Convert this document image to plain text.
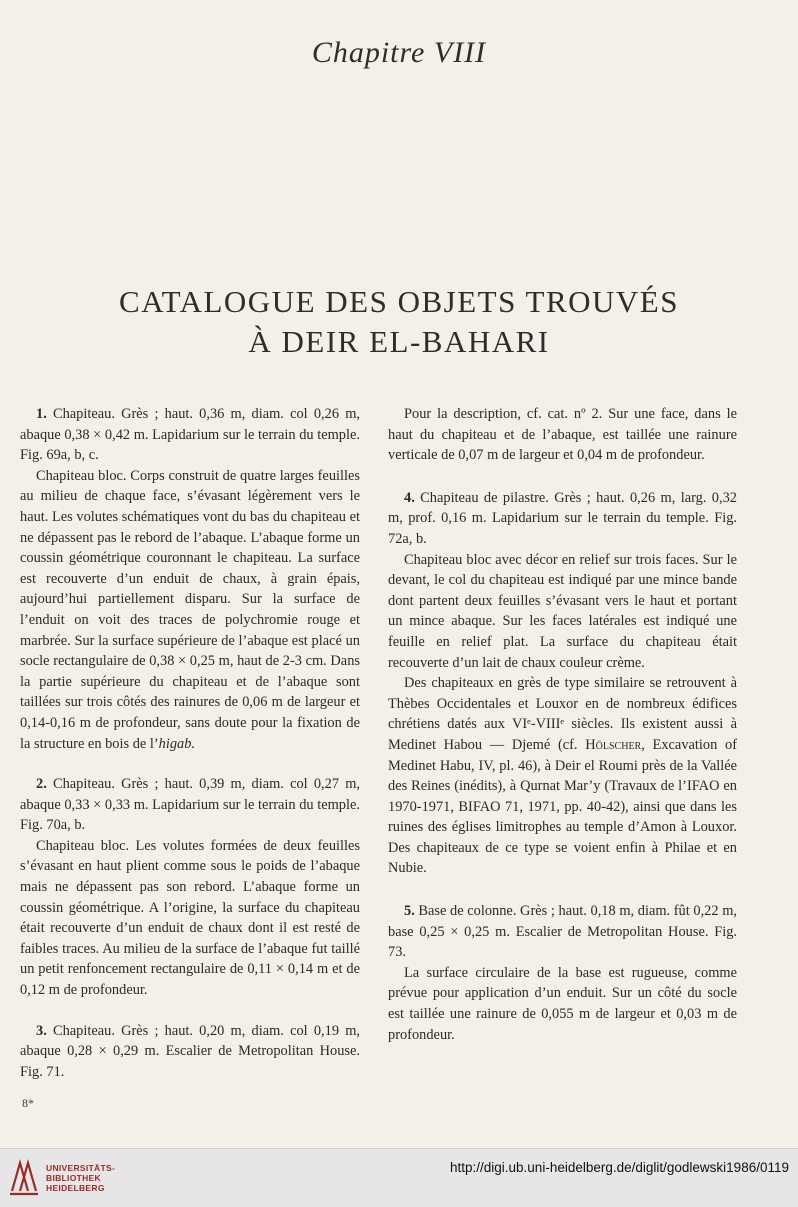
Chapitre VIII
CATALOGUE DES OBJETS TROUVÉS
À DEIR EL-BAHARI

1. Chapiteau. Grès ; haut. 0,36 m, diam. col 0,26 m, abaque 0,38 × 0,42 m. Lapidarium sur le terrain du temple. Fig. 69a, b, c.

Chapiteau bloc. Corps construit de quatre larges feuilles au milieu de chaque face, s’évasant légèrement vers le haut. Les volutes schématiques vont du bas du chapiteau et ne dépassent pas le rebord de l’abaque. L’abaque forme un coussin géométrique couronnant le chapiteau. La surface est recouverte d’un enduit de chaux, à grain épais, aujourd’hui partiellement disparu. Sur la surface de l’enduit on voit des traces de polychromie rouge et marbrée. Sur la surface supérieure de l’abaque est placé un socle rectangulaire de 0,38 × 0,25 m, haut de 2-3 cm. Dans la partie supérieure du chapiteau et de l’abaque sont taillées sur trois côtés des rainures de 0,06 m de largeur et 0,14-0,16 m de profondeur, sans doute pour la fixation de la structure en bois de l’higab.

2. Chapiteau. Grès ; haut. 0,39 m, diam. col 0,27 m, abaque 0,33 × 0,33 m. Lapidarium sur le terrain du temple. Fig. 70a, b.

Chapiteau bloc. Les volutes formées de deux feuilles s’évasant en haut plient comme sous le poids de l’abaque mais ne dépassent pas son rebord. L’abaque forme un coussin géométrique. A l’origine, la surface du chapiteau était recouverte d’un enduit de chaux dont il est resté de faibles traces. Au milieu de la surface de l’abaque fut taillé un petit renfoncement rectangulaire de 0,11 × 0,14 m et de 0,12 m de profondeur.

3. Chapiteau. Grès ; haut. 0,20 m, diam. col 0,19 m, abaque 0,28 × 0,29 m. Escalier de Metropolitan House. Fig. 71.

Pour la description, cf. cat. nº 2. Sur une face, dans le haut du chapiteau et de l’abaque, est taillée une rainure verticale de 0,07 m de largeur et 0,04 m de profondeur.

4. Chapiteau de pilastre. Grès ; haut. 0,26 m, larg. 0,32 m, prof. 0,16 m. Lapidarium sur le terrain du temple. Fig. 72a, b.

Chapiteau bloc avec décor en relief sur trois faces. Sur le devant, le col du chapiteau est indiqué par une mince bande dont partent deux feuilles s’évasant vers le haut et portant un mince abaque. Sur les faces latérales est indiqué une feuille en relief plat. La surface du chapiteau était recouverte d’un lait de chaux couleur crème.

Des chapiteaux en grès de type similaire se retrouvent à Thèbes Occidentales et Louxor en de nombreux édifices chrétiens datés aux VIᵉ-VIIIᵉ siècles. Ils existent aussi à Medinet Habou — Djemé (cf. Hölscher, Excavation of Medinet Habu, IV, pl. 46), à Deir el Roumi près de la Vallée des Reines (inédits), à Qurnat Mar’y (Travaux de l’IFAO en 1970-1971, BIFAO 71, 1971, pp. 40-42), ainsi que dans les ruines des églises limitrophes au temple d’Amon à Louxor. Des chapiteaux de ce type se voient enfin à Philae et en Nubie.

5. Base de colonne. Grès ; haut. 0,18 m, diam. fût 0,22 m, base 0,25 × 0,25 m. Escalier de Metropolitan House. Fig. 73.

La surface circulaire de la base est rugueuse, comme prévue pour application d’un enduit. Sur un côté du socle est taillée une rainure de 0,055 m de largeur et 0,03 m de profondeur.

8*
UNIVERSITÄTS-
BIBLIOTHEK
HEIDELBERG
http://digi.ub.uni-heidelberg.de/diglit/godlewski1986/0119
